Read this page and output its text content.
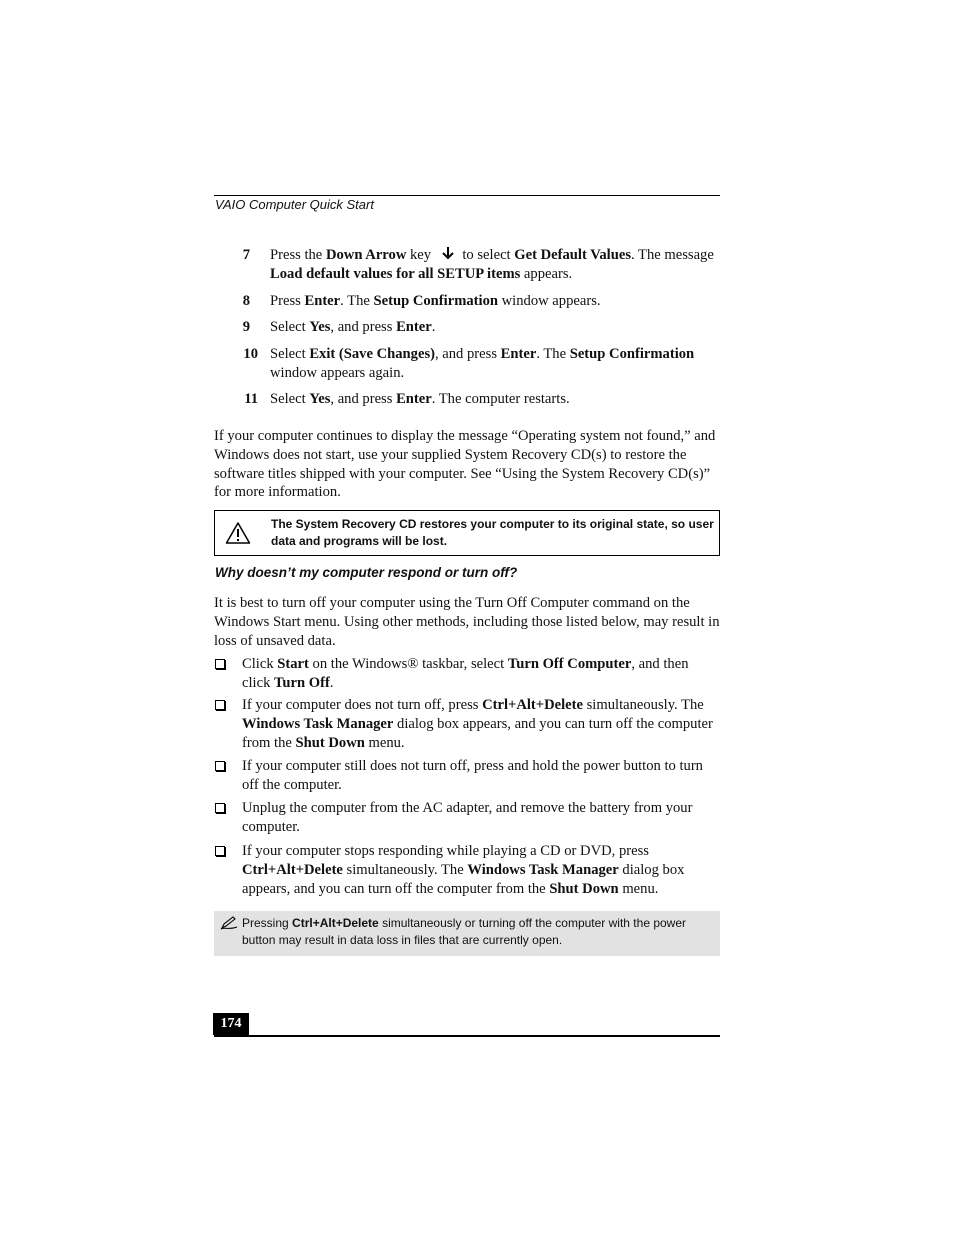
VAIO Computer Quick Start
7 Press the Down Arrow key  to select Get Default Values. The message Load default values for all SETUP items appears.
8 Press Enter. The Setup Confirmation window appears.
9 Select Yes, and press Enter.
10 Select Exit (Save Changes), and press Enter. The Setup Confirmation window appears again.
11 Select Yes, and press Enter. The computer restarts.
If your computer continues to display the message “Operating system not found,” and Windows does not start, use your supplied System Recovery CD(s) to restore the software titles shipped with your computer. See “Using the System Recovery CD(s)” for more information.
The System Recovery CD restores your computer to its original state, so user data and programs will be lost.
Why doesn’t my computer respond or turn off?
It is best to turn off your computer using the Turn Off Computer command on the Windows Start menu. Using other methods, including those listed below, may result in loss of unsaved data.
Click Start on the Windows® taskbar, select Turn Off Computer, and then click Turn Off.
If your computer does not turn off, press Ctrl+Alt+Delete simultaneously. The Windows Task Manager dialog box appears, and you can turn off the computer from the Shut Down menu.
If your computer still does not turn off, press and hold the power button to turn off the computer.
Unplug the computer from the AC adapter, and remove the battery from your computer.
If your computer stops responding while playing a CD or DVD, press Ctrl+Alt+Delete simultaneously. The Windows Task Manager dialog box appears, and you can turn off the computer from the Shut Down menu.
Pressing Ctrl+Alt+Delete simultaneously or turning off the computer with the power button may result in data loss in files that are currently open.
174
